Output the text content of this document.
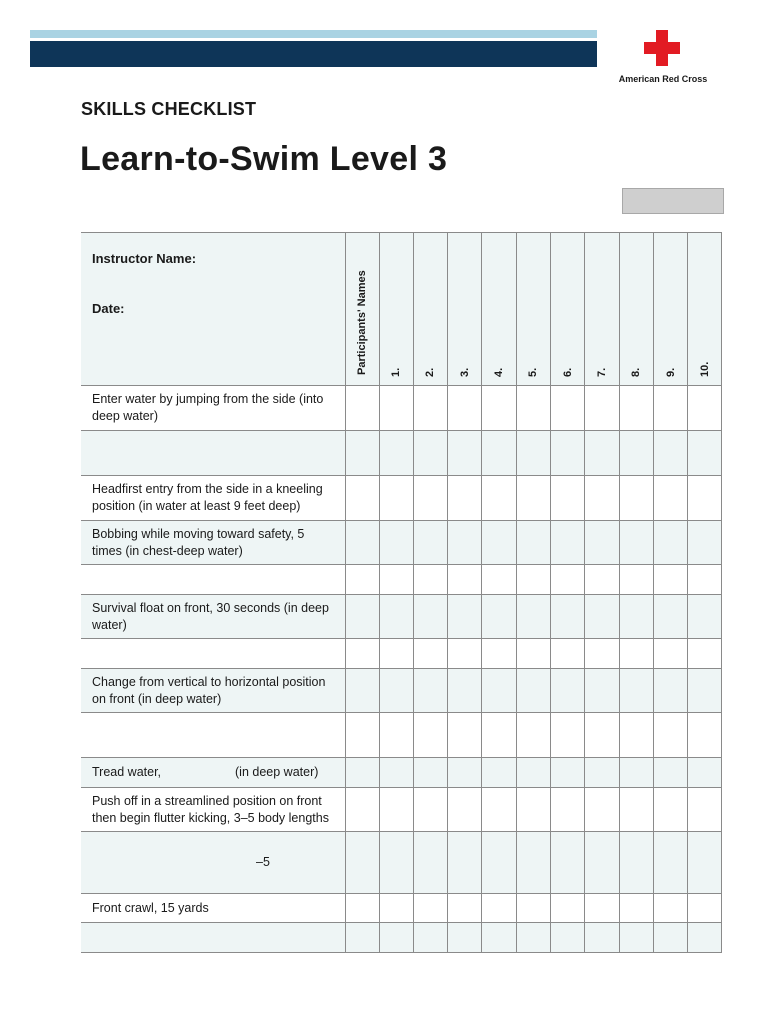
American Red Cross
SKILLS CHECKLIST
Learn-to-Swim Level 3
Instructor Name:
Date:	Participants' Names	1.	2.	3.	4.	5.	6.	7.	8.	9.	10.

Enter water by jumping from the side (into deep water)											

Headfirst entry from the side in a kneeling position (in water at least 9 feet deep)											
Bobbing while moving toward safety, 5 times (in chest-deep water)											

Survival float on front, 30 seconds (in deep water)											

Change from vertical to horizontal position on front (in deep water)											

Tread water, (in deep water)											
Push off in a streamlined position on front then begin flutter kicking, 3–5 body lengths											
–5											
Front crawl, 15 yards											
